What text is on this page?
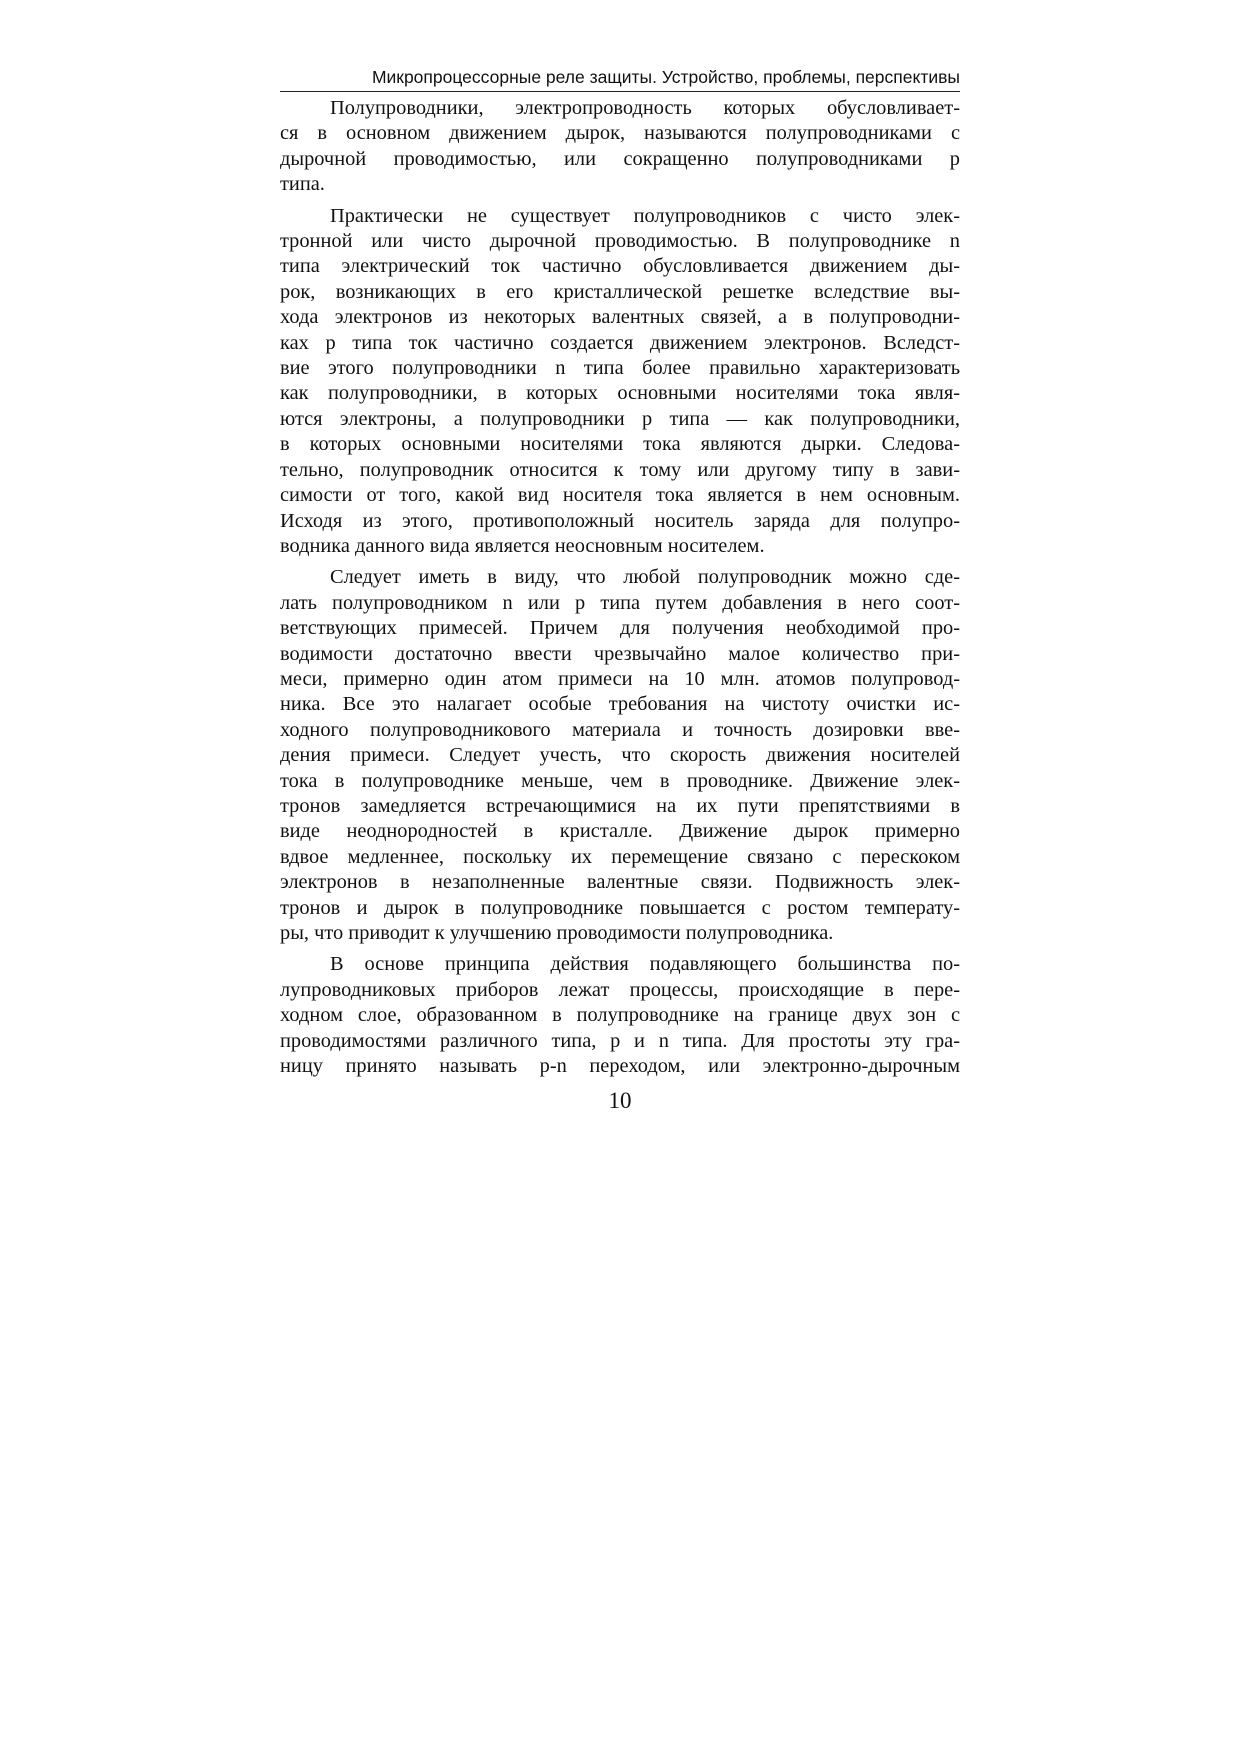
Микропроцессорные реле защиты. Устройство, проблемы, перспективы
Полупроводники, электропроводность которых обусловливает-
ся в основном движением дырок, называются полупроводниками с
дырочной проводимостью, или сокращенно полупроводниками p
типа.
Практически не существует полупроводников с чисто элек-
тронной или чисто дырочной проводимостью. В полупроводнике n
типа электрический ток частично обусловливается движением ды-
рок, возникающих в его кристаллической решетке вследствие вы-
хода электронов из некоторых валентных связей, а в полупроводни-
ках p типа ток частично создается движением электронов. Вследст-
вие этого полупроводники n типа более правильно характеризовать
как полупроводники, в которых основными носителями тока явля-
ются электроны, а полупроводники p типа — как полупроводники,
в которых основными носителями тока являются дырки. Следова-
тельно, полупроводник относится к тому или другому типу в зави-
симости от того, какой вид носителя тока является в нем основным.
Исходя из этого, противоположный носитель заряда для полупро-
водника данного вида является неосновным носителем.
Следует иметь в виду, что любой полупроводник можно сде-
лать полупроводником n или p типа путем добавления в него соот-
ветствующих примесей. Причем для получения необходимой про-
водимости достаточно ввести чрезвычайно малое количество при-
меси, примерно один атом примеси на 10 млн. атомов полупровод-
ника. Все это налагает особые требования на чистоту очистки ис-
ходного полупроводникового материала и точность дозировки вве-
дения примеси. Следует учесть, что скорость движения носителей
тока в полупроводнике меньше, чем в проводнике. Движение элек-
тронов замедляется встречающимися на их пути препятствиями в
виде неоднородностей в кристалле. Движение дырок примерно
вдвое медленнее, поскольку их перемещение связано с перескоком
электронов в незаполненные валентные связи. Подвижность элек-
тронов и дырок в полупроводнике повышается с ростом температу-
ры, что приводит к улучшению проводимости полупроводника.
В основе принципа действия подавляющего большинства по-
лупроводниковых приборов лежат процессы, происходящие в пере-
ходном слое, образованном в полупроводнике на границе двух зон с
проводимостями различного типа, p и n типа. Для простоты эту гра-
ницу принято называть p-n переходом, или электронно-дырочным
10
